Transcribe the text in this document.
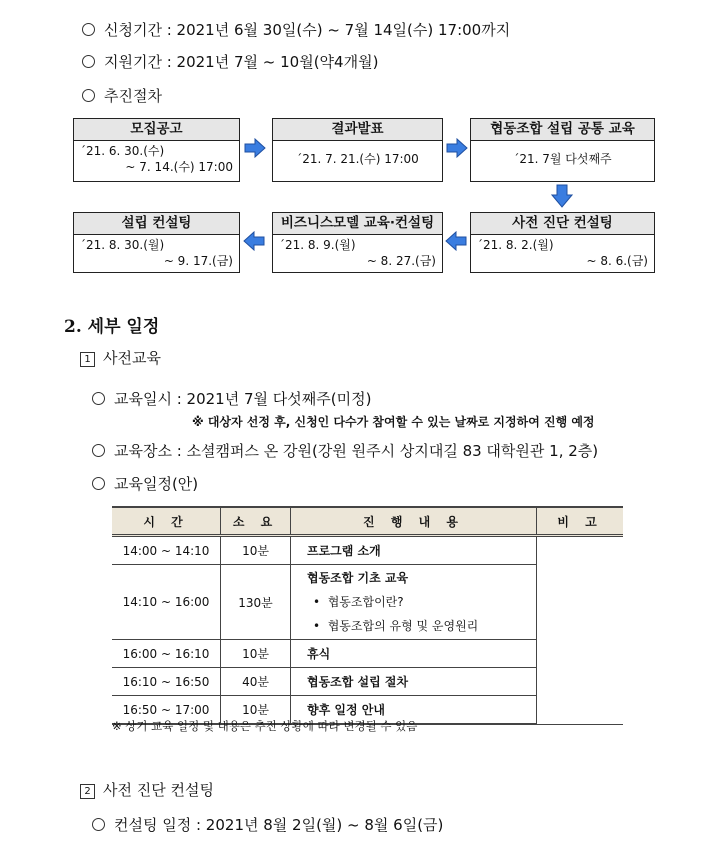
신청기간 : 2021년 6월 30일(수) ~ 7월 14일(수) 17:00까지
지원기간 : 2021년 7월 ~ 10월(약4개월)
추진절차
모집공고
´21. 6. 30.(수)
~ 7. 14.(수) 17:00
결과발표
´21. 7. 21.(수) 17:00
협동조합 설립 공통 교육
´21. 7월 다섯째주
사전 진단 컨설팅
´21. 8. 2.(월)
~ 8. 6.(금)
비즈니스모델 교육·컨설팅
´21. 8. 9.(월)
~ 8. 27.(금)
설립 컨설팅
´21. 8. 30.(월)
~ 9. 17.(금)
2. 세부 일정
1 사전교육
교육일시 : 2021년 7월 다섯째주(미정)
※ 대상자 선정 후, 신청인 다수가 참여할 수 있는 날짜로 지정하여 진행 예정
교육장소 : 소셜캠퍼스 온 강원(강원 원주시 상지대길 83 대학원관 1, 2층)
교육일정(안)
시 간	소 요	진 행 내 용	비 고
14:00 ~ 14:10	10분	프로그램 소개	
14:10 ~ 16:00	130분	협동조합 기초 교육
•  협동조합이란?
•  협동조합의 유형 및 운영원리	

16:00 ~ 16:10	10분	휴식	
16:10 ~ 16:50	40분	협동조합 설립 절차	
16:50 ~ 17:00	10분	향후 일정 안내	
※ 상기 교육 일정 및 내용은 추진 상황에 따라 변경될 수 있음
2 사전 진단 컨설팅
컨설팅 일정 : 2021년 8월 2일(월) ~ 8월 6일(금)
